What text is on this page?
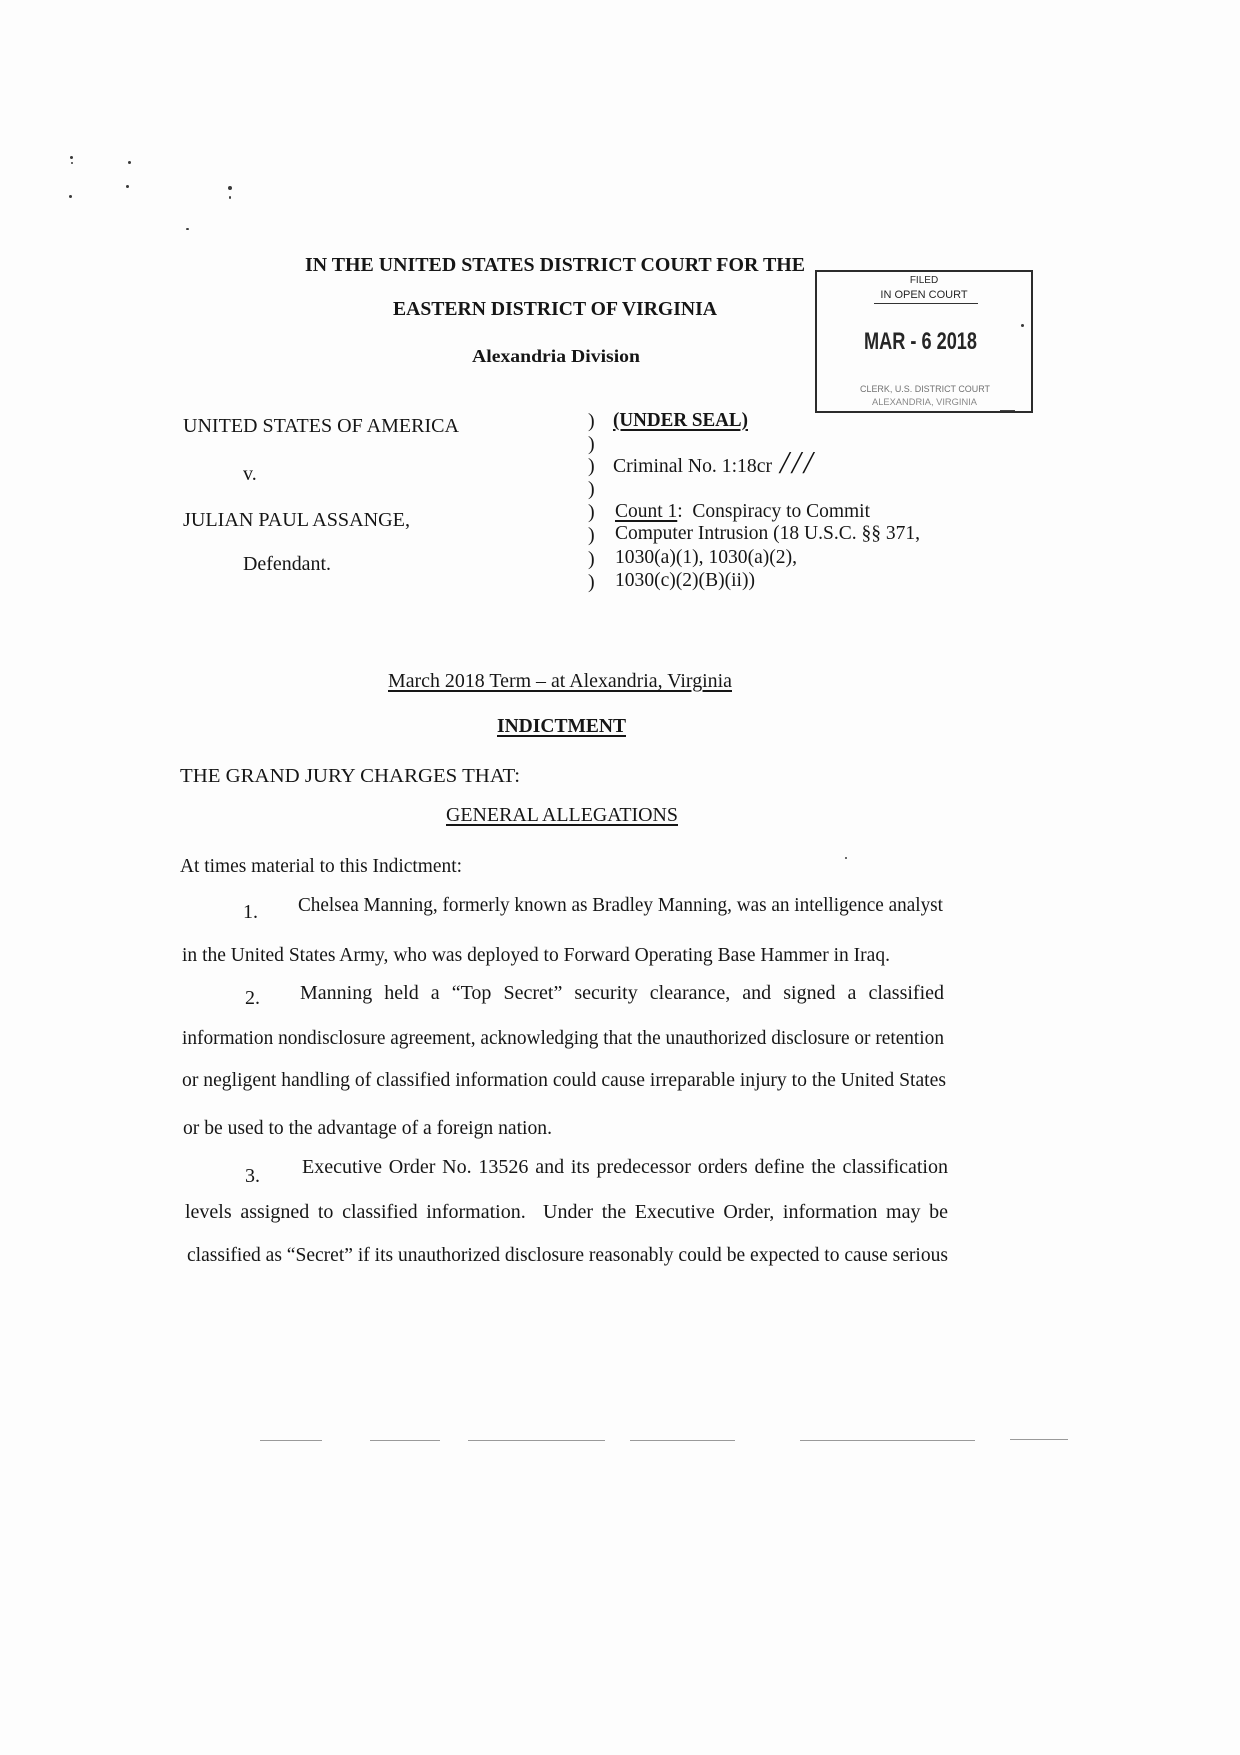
IN THE UNITED STATES DISTRICT COURT FOR THE
EASTERN DISTRICT OF VIRGINIA
Alexandria Division
FILED
IN OPEN COURT
MAR - 6 2018
CLERK, U.S. DISTRICT COURT
ALEXANDRIA, VIRGINIA
UNITED STATES OF AMERICA
v.
JULIAN PAUL ASSANGE,
Defendant.
)
)
)
)
)
)
)
)
(UNDER SEAL)
Criminal No. 1:18cr ///
Count 1:  Conspiracy to Commit
Computer Intrusion (18 U.S.C. §§ 371,
1030(a)(1), 1030(a)(2),
1030(c)(2)(B)(ii))
March 2018 Term – at Alexandria, Virginia
INDICTMENT
THE GRAND JURY CHARGES THAT:
GENERAL ALLEGATIONS
At times material to this Indictment:
1. Chelsea Manning, formerly known as Bradley Manning, was an intelligence analyst
in the United States Army, who was deployed to Forward Operating Base Hammer in Iraq.
2. Manning held a “Top Secret” security clearance, and signed a classified
information nondisclosure agreement, acknowledging that the unauthorized disclosure or retention
or negligent handling of classified information could cause irreparable injury to the United States
or be used to the advantage of a foreign nation.
3. Executive Order No. 13526 and its predecessor orders define the classification
levels assigned to classified information.  Under the Executive Order, information may be
classified as “Secret” if its unauthorized disclosure reasonably could be expected to cause serious
